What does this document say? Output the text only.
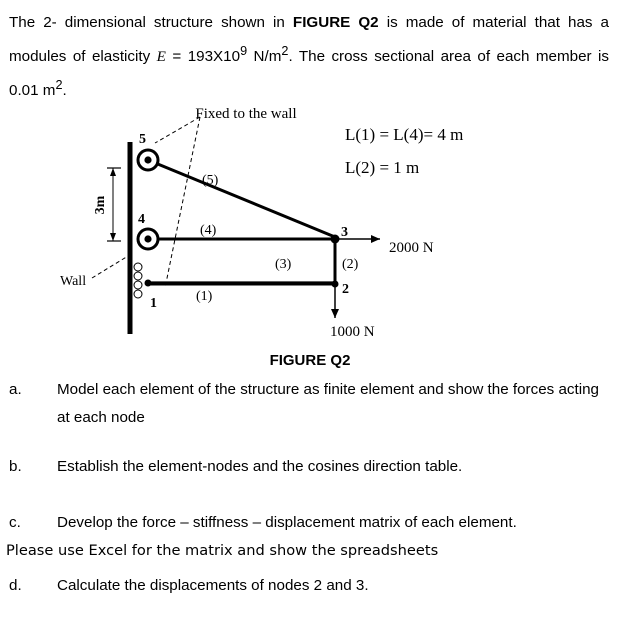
The 2- dimensional structure shown in FIGURE Q2 is made of material that has a modules of elasticity $E = 193X10^9$ $N/m^2$. The cross sectional area of each member is 0.01 $m^2$.
3m
Fixed to the wall
Wall
L(1) = L(4)= 4 m
L(2) = 1 m
2000 N
1000 N
5
4
3
2
1
(5)
(4)
(3)	(2)
(1)
FIGURE Q2
a. Model each element of the structure as finite element and show the forces acting at each node
b. Establish the element-nodes and the cosines direction table.
c. Develop the force – stiffness – displacement matrix of each element.
Please use Excel for the matrix and show the spreadsheets
d. Calculate the displacements of nodes 2 and 3.
